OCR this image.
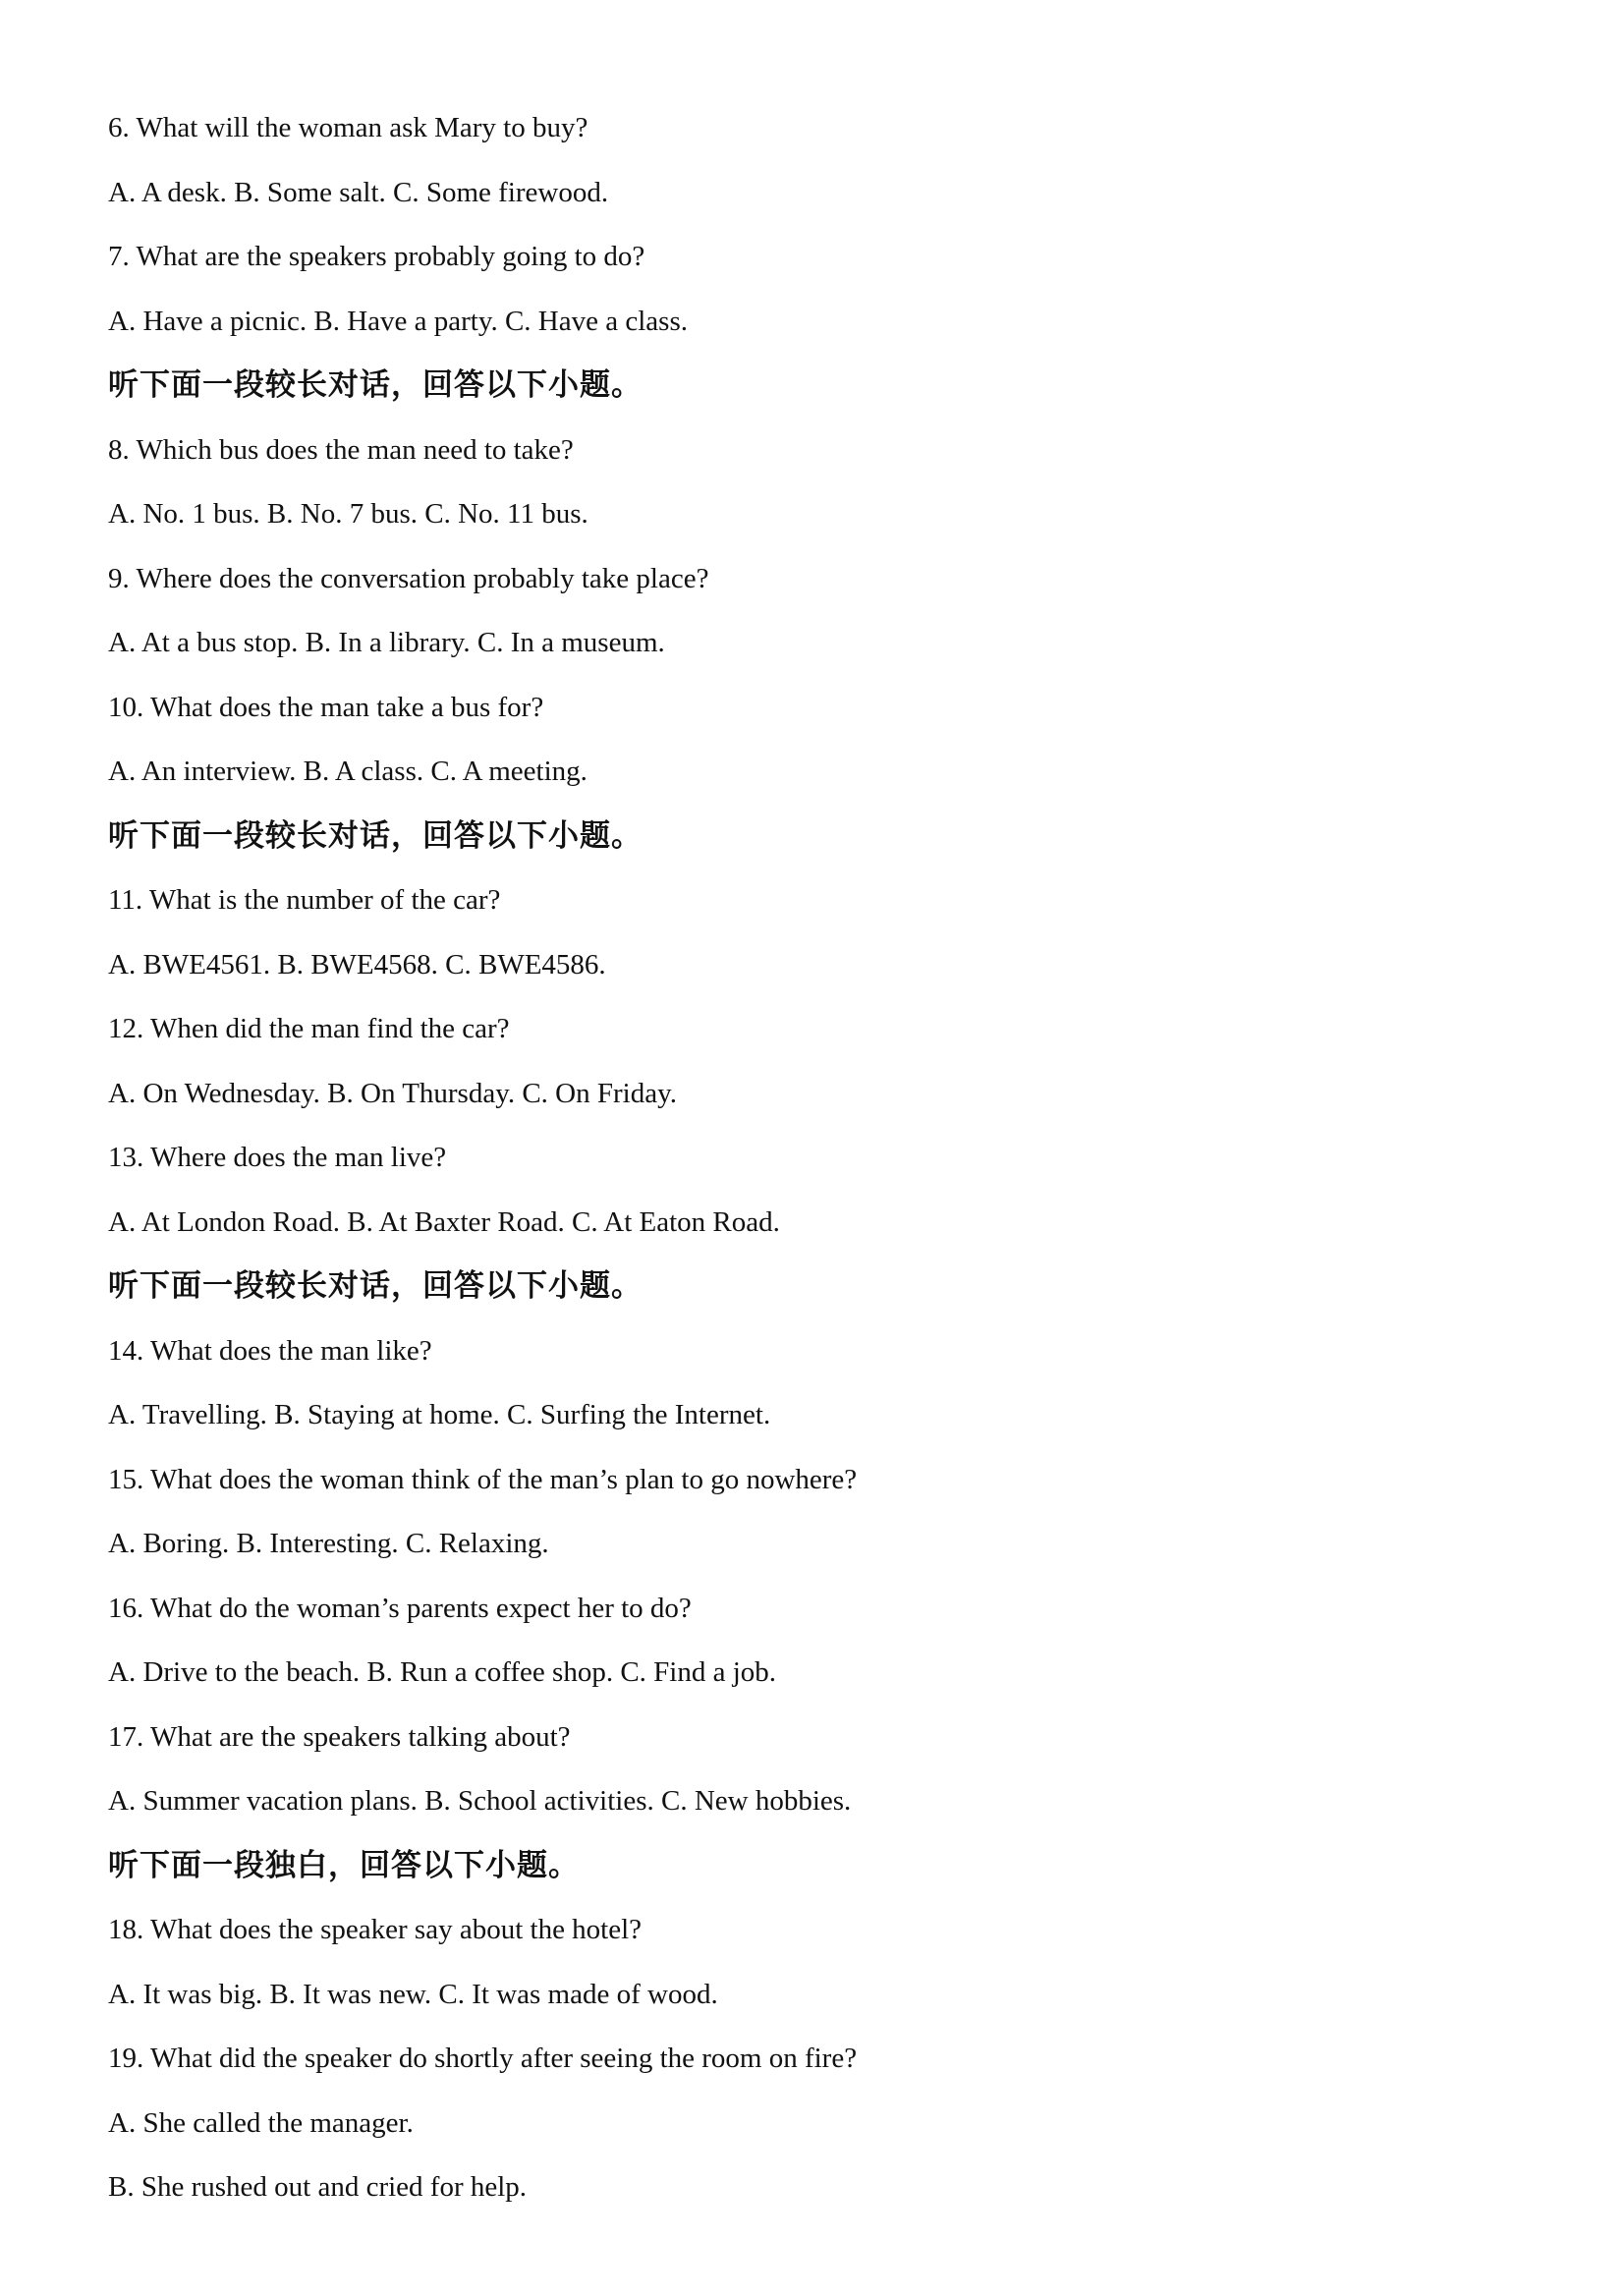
6. What will the woman ask Mary to buy?
A. A desk. B. Some salt. C. Some firewood.
7. What are the speakers probably going to do?
A. Have a picnic. B. Have a party. C. Have a class.
听下面一段较长对话，回答以下小题。
8. Which bus does the man need to take?
A. No. 1 bus. B. No. 7 bus. C. No. 11 bus.
9. Where does the conversation probably take place?
A. At a bus stop. B. In a library. C. In a museum.
10. What does the man take a bus for?
A. An interview. B. A class. C. A meeting.
听下面一段较长对话，回答以下小题。
11. What is the number of the car?
A. BWE4561. B. BWE4568. C. BWE4586.
12. When did the man find the car?
A. On Wednesday. B. On Thursday. C. On Friday.
13. Where does the man live?
A. At London Road. B. At Baxter Road. C. At Eaton Road.
听下面一段较长对话，回答以下小题。
14. What does the man like?
A. Travelling. B. Staying at home. C. Surfing the Internet.
15. What does the woman think of the man’s plan to go nowhere?
A. Boring. B. Interesting. C. Relaxing.
16. What do the woman’s parents expect her to do?
A. Drive to the beach. B. Run a coffee shop. C. Find a job.
17. What are the speakers talking about?
A. Summer vacation plans. B. School activities. C. New hobbies.
听下面一段独白，回答以下小题。
18. What does the speaker say about the hotel?
A. It was big. B. It was new. C. It was made of wood.
19. What did the speaker do shortly after seeing the room on fire?
A. She called the manager.
B. She rushed out and cried for help.
